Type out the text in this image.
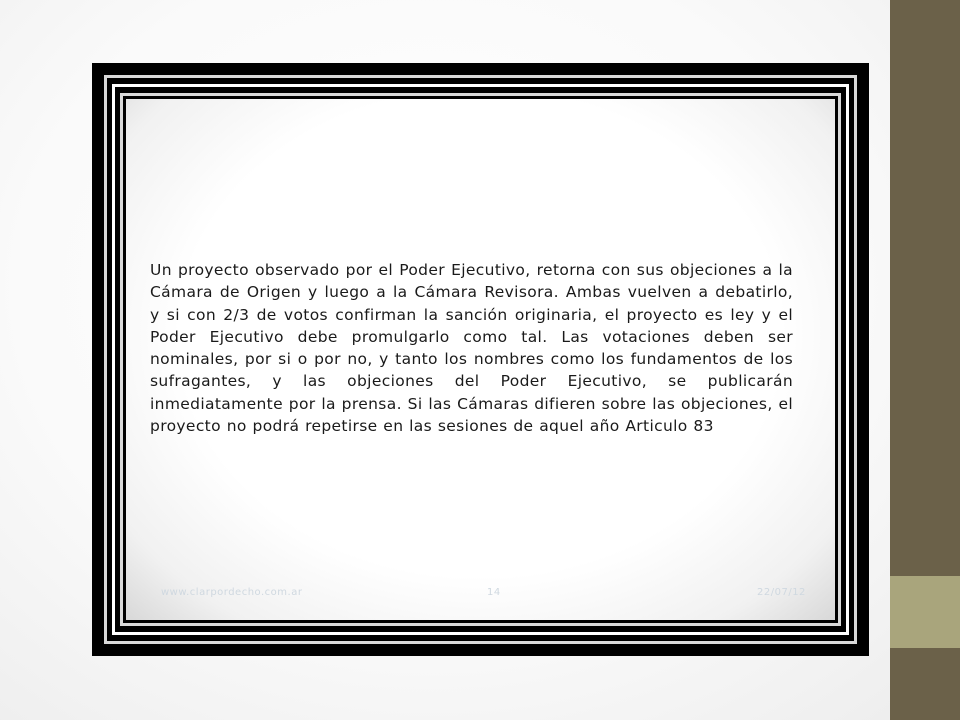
Un proyecto observado por el Poder Ejecutivo, retorna con sus objeciones a la Cámara de Origen y luego a la Cámara Revisora. Ambas vuelven a debatirlo, y si con 2/3 de votos confirman la sanción originaria, el proyecto es ley y el Poder Ejecutivo debe promulgarlo como tal. Las votaciones deben ser nominales, por si o por no, y tanto los nombres como los fundamentos de los sufragantes, y las objeciones del Poder Ejecutivo, se publicarán inmediatamente por la prensa. Si las Cámaras difieren sobre las objeciones, el proyecto no podrá repetirse en las sesiones de aquel año Articulo 83
www.clarpordecho.com.ar	14	22/07/12
